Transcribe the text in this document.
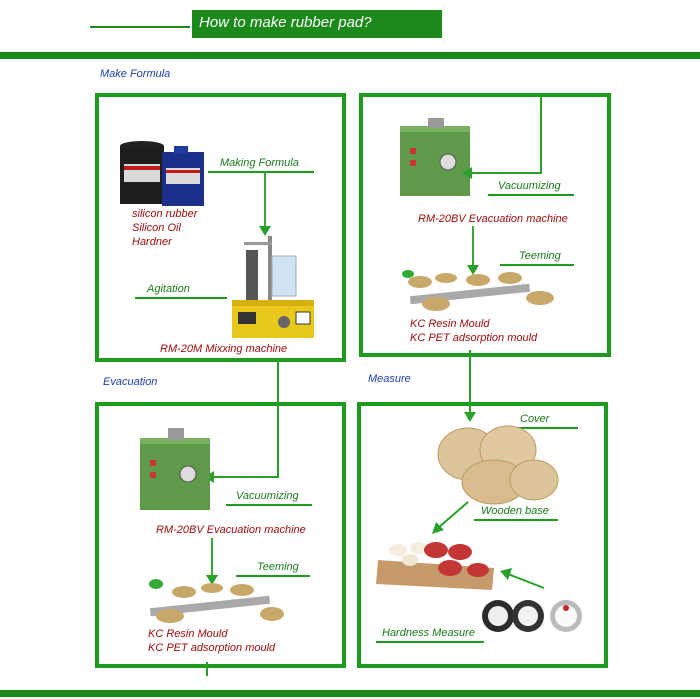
How to make rubber pad?
Make Formula
Evacuation	Measure
Making Formula
silicon rubber
Silicon Oil
Hardner
Agitation
RM-20M Mixxing machine
Vacuumizing
RM-20BV Evacuation machine
Teeming
KC Resin Mould
KC PET adsorption mould
Vacuumizing
RM-20BV Evacuation machine
Teeming
KC Resin Mould
KC PET adsorption mould
Cover
Wooden base
Hardness Measure
